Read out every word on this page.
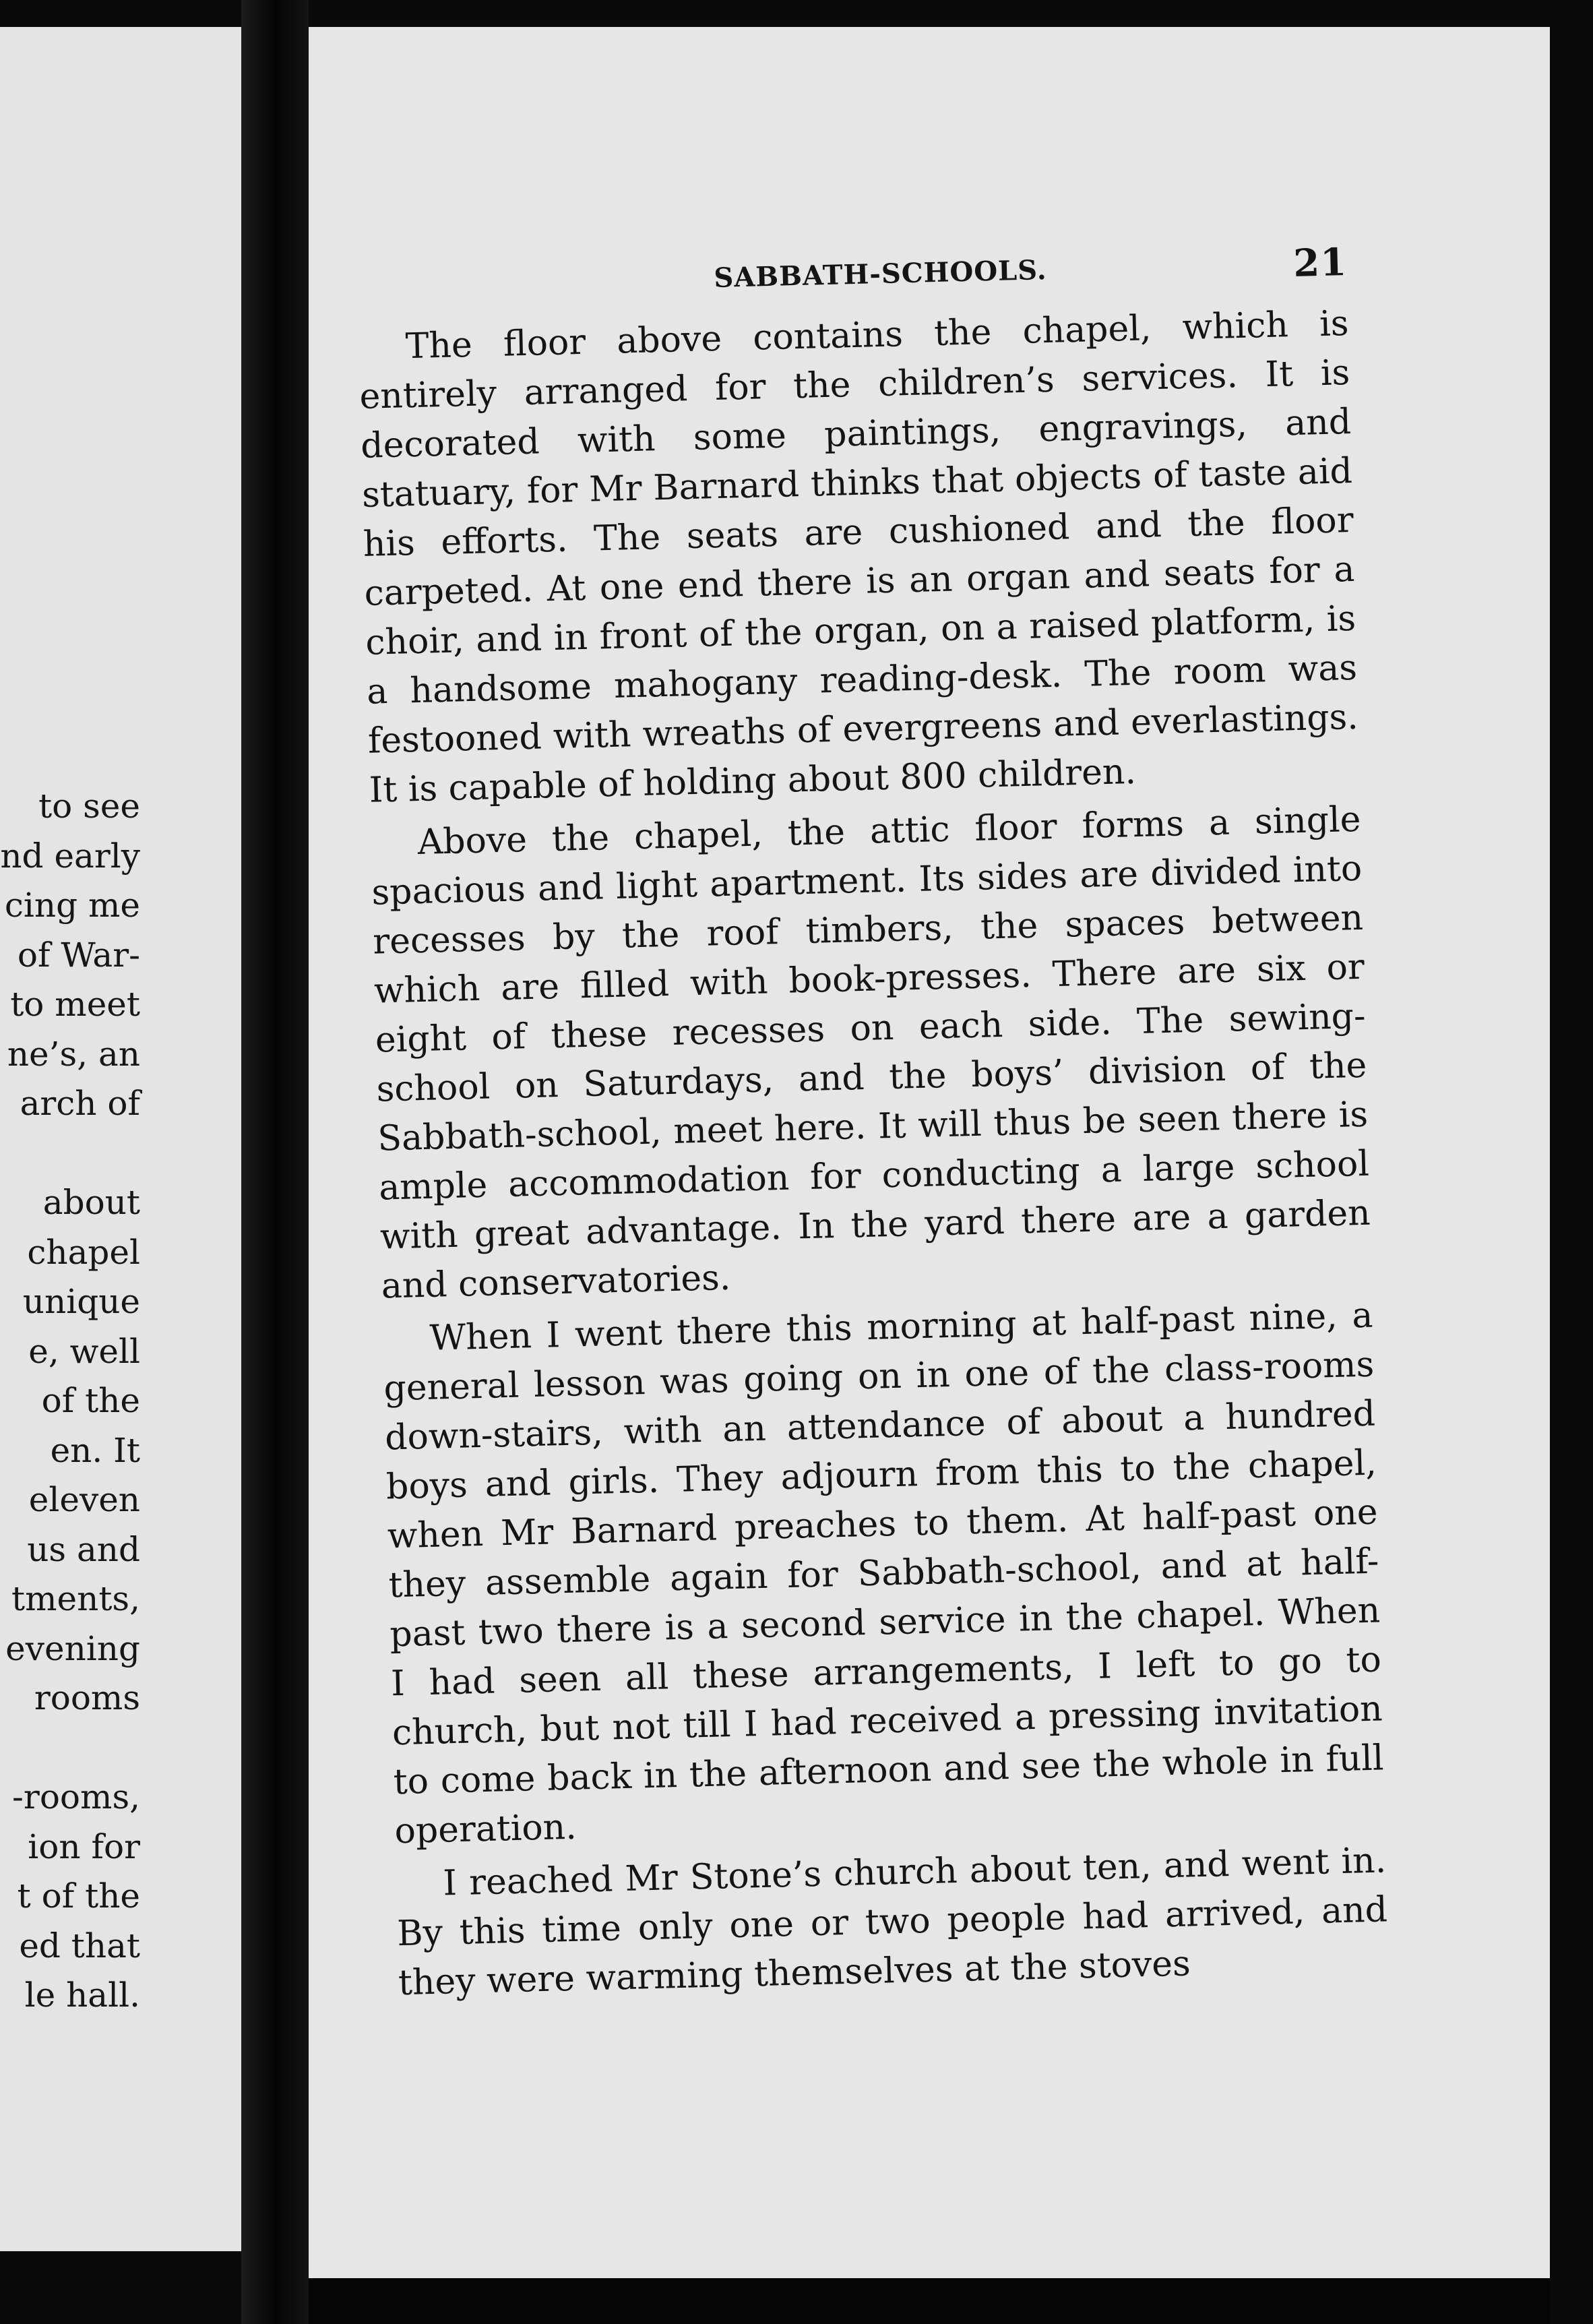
to see
nd early
cing me
of War-
to meet
ne’s, an
arch of
about
chapel
unique
e, well
of the
en. It
eleven
us and
tments,
evening
rooms
-rooms,
ion for
t of the
ed that
le hall.
SABBATH-SCHOOLS.	21

The floor above contains the chapel, which is entirely arranged for the children’s services. It is decorated with some paintings, engravings, and statuary, for Mr Barnard thinks that objects of taste aid his efforts. The seats are cushioned and the floor carpeted. At one end there is an organ and seats for a choir, and in front of the organ, on a raised platform, is a handsome mahogany reading-desk. The room was festooned with wreaths of evergreens and everlastings. It is capable of holding about 800 children.

Above the chapel, the attic floor forms a single spacious and light apartment. Its sides are divided into recesses by the roof timbers, the spaces between which are filled with book-presses. There are six or eight of these recesses on each side. The sewing-school on Saturdays, and the boys’ division of the Sabbath-school, meet here. It will thus be seen there is ample accommodation for conducting a large school with great advantage. In the yard there are a garden and conservatories.

When I went there this morning at half-past nine, a general lesson was going on in one of the class-rooms down-stairs, with an attendance of about a hundred boys and girls. They adjourn from this to the chapel, when Mr Barnard preaches to them. At half-past one they assemble again for Sabbath-school, and at half-past two there is a second service in the chapel. When I had seen all these arrangements, I left to go to church, but not till I had received a pressing invitation to come back in the afternoon and see the whole in full operation.

I reached Mr Stone’s church about ten, and went in. By this time only one or two people had arrived, and they were warming themselves at the stoves
